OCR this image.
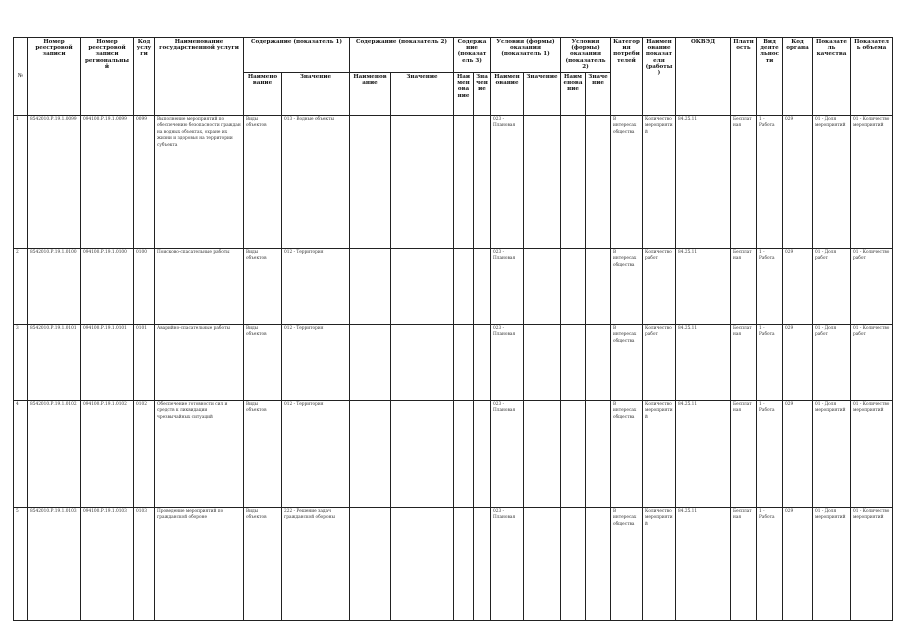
№	Номер реестровой записи	Номер реестровой записи региональный	Код услуги	Наименование государственной услуги	Содержание (показатель 1)		Содержание (показатель 2)		Содержание (показатель 3)		Условия (формы) оказания (показатель 1)		Условия (формы) оказания (показатель 2)		Категория потребителей	Наименование показателя (работы)	ОКВЭД	Платность	Вид деятельности	Код органа	Показатель качества	Показатель объема
					Наименование	Значение	Наименование	Значение	Наименование	Значение	Наименование	Значение	Наименование	Значение								
1	8542010.Р.19.1.0099	094100.Р.19.1.0099	0099	Выполнение мероприятий по обеспечению безопасности граждан на водных объектах, охране их жизни и здоровья на территории субъекта	Виды объектов	013 - Водные объекты					023 - Плановая				В интересах общества	Количество мероприятий	84.25.11	Бесплатная	1 - Работа	029	01 - Доля мероприятий	01 - Количество мероприятий
2	8542010.Р.19.1.0100	094100.Р.19.1.0100	0100	Поисково-спасательные работы	Виды объектов	012 - Территория					023 - Плановая				В интересах общества	Количество работ	84.25.11	Бесплатная	1 - Работа	029	01 - Доля работ	01 - Количество работ
3	8542010.Р.19.1.0101	094100.Р.19.1.0101	0101	Аварийно-спасательные работы	Виды объектов	012 - Территория					023 - Плановая				В интересах общества	Количество работ	84.25.11	Бесплатная	1 - Работа	029	01 - Доля работ	01 - Количество работ
4	8542010.Р.19.1.0102	094100.Р.19.1.0102	0102	Обеспечение готовности сил и средств к ликвидации чрезвычайных ситуаций	Виды объектов	012 - Территория					023 - Плановая				В интересах общества	Количество мероприятий	84.25.11	Бесплатная	1 - Работа	029	01 - Доля мероприятий	01 - Количество мероприятий
5	8542010.Р.19.1.0103	094100.Р.19.1.0103	0103	Проведение мероприятий по гражданской обороне	Виды объектов	222 - Решение задач гражданской обороны					023 - Плановая				В интересах общества	Количество мероприятий	84.25.11	Бесплатная	1 - Работа	029	01 - Доля мероприятий	01 - Количество мероприятий
